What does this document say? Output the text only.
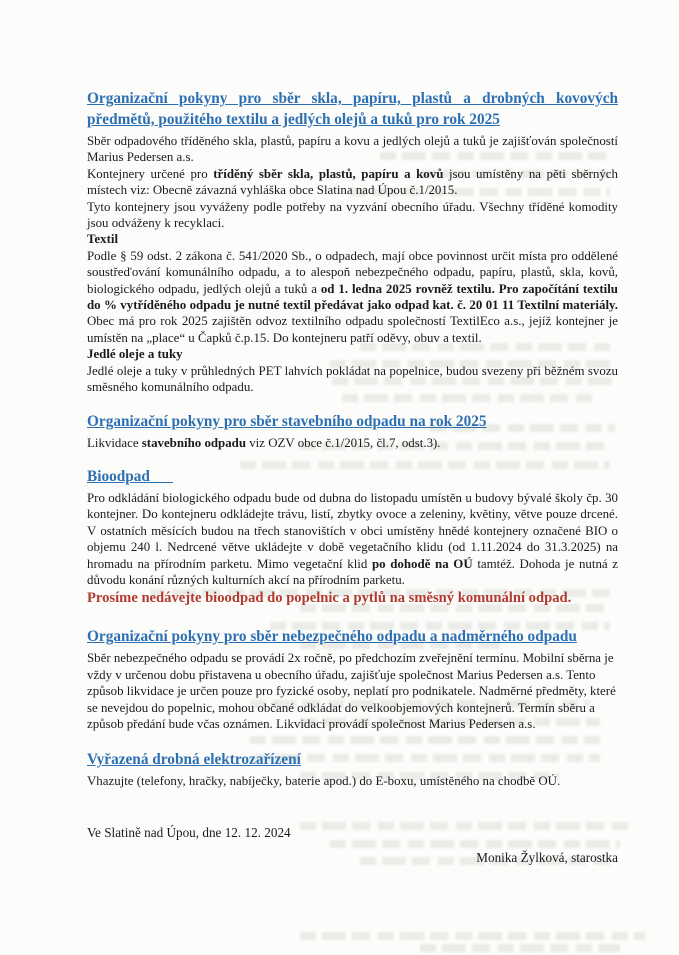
Organizační pokyny pro sběr skla, papíru, plastů a drobných kovových předmětů, použitého textilu a jedlých olejů a tuků pro rok 2025

Sběr odpadového tříděného skla, plastů, papíru a kovu a jedlých olejů a tuků je zajišťován společností Marius Pedersen a.s.

Kontejnery určené pro tříděný sběr skla, plastů, papíru a kovů jsou umístěny na pěti sběrných místech viz: Obecně závazná vyhláška obce Slatina nad Úpou č.1/2015.

Tyto kontejnery jsou vyváženy podle potřeby na vyzvání obecního úřadu. Všechny tříděné komodity jsou odváženy k recyklaci.

Textil

Podle § 59 odst. 2 zákona č. 541/2020 Sb., o odpadech, mají obce povinnost určit místa pro oddělené soustřeďování komunálního odpadu, a to alespoň nebezpečného odpadu, papíru, plastů, skla, kovů, biologického odpadu, jedlých olejů a tuků a od 1. ledna 2025 rovněž textilu. Pro započítání textilu do % vytříděného odpadu je nutné textil předávat jako odpad kat. č. 20 01 11 Textilní materiály. Obec má pro rok 2025 zajištěn odvoz textilního odpadu společností TextilEco a.s., jejíž kontejner je umístěn na „place“ u Čapků č.p.15. Do kontejneru patří oděvy, obuv a textil.

Jedlé oleje a tuky

Jedlé oleje a tuky v průhledných PET lahvích pokládat na popelnice, budou svezeny při běžném svozu směsného komunálního odpadu.

Organizační pokyny pro sběr stavebního odpadu na rok 2025

Likvidace stavebního odpadu viz OZV obce č.1/2015, čl.7, odst.3).

Bioodpad

Pro odkládání biologického odpadu bude od dubna do listopadu umístěn u budovy bývalé školy čp. 30 kontejner. Do kontejneru odkládejte trávu, listí, zbytky ovoce a zeleniny, květiny, větve pouze drcené. V ostatních měsících budou na třech stanovištích v obci umístěny hnědé kontejnery označené BIO o objemu 240 l. Nedrcené větve ukládejte v době vegetačního klidu (od 1.11.2024 do 31.3.2025) na hromadu na přírodním parketu. Mimo vegetační klid po dohodě na OÚ tamtéž. Dohoda je nutná z důvodu konání různých kulturních akcí na přírodním parketu.

Prosíme nedávejte bioodpad do popelnic a pytlů na směsný komunální odpad.

Organizační pokyny pro sběr nebezpečného odpadu a nadměrného odpadu

Sběr nebezpečného odpadu se provádí 2x ročně, po předchozím zveřejnění termínu. Mobilní sběrna je vždy v určenou dobu přistavena u obecního úřadu, zajišťuje společnost Marius Pedersen a.s. Tento způsob likvidace je určen pouze pro fyzické osoby, neplatí pro podnikatele. Nadměrné předměty, které se nevejdou do popelnic, mohou občané odkládat do velkoobjemových kontejnerů. Termín sběru a způsob předání bude včas oznámen. Likvidaci provádí společnost Marius Pedersen a.s.

Vyřazená drobná elektrozařízení

Vhazujte (telefony, hračky, nabíječky, baterie apod.) do E-boxu, umístěného na chodbě OÚ.

Ve Slatině nad Úpou, dne 12. 12. 2024

Monika Žylková, starostka
